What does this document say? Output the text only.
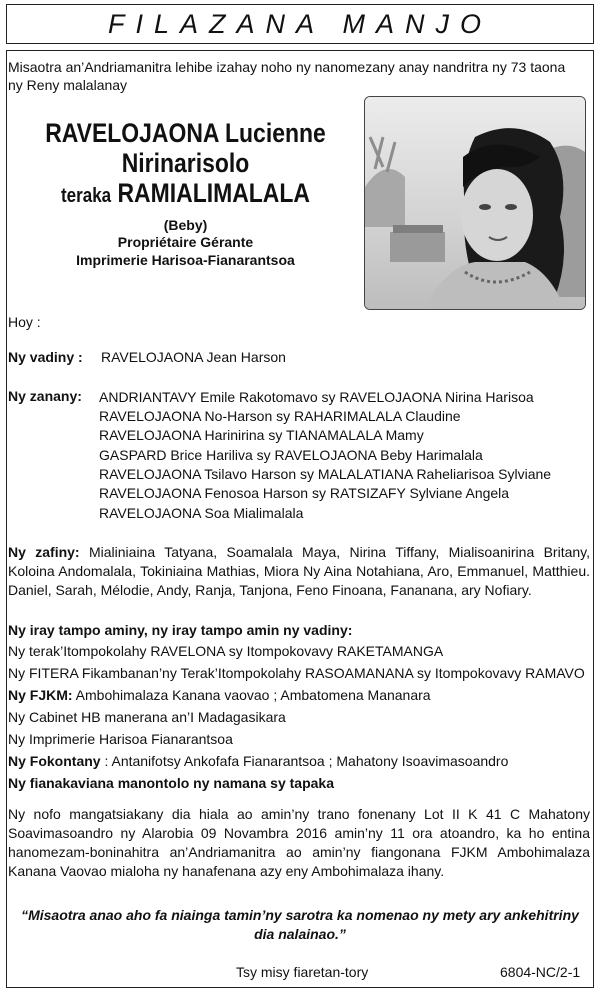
FILAZANA MANJO
Misaotra an’Andriamanitra lehibe izahay noho ny nanomezany anay nandritra ny 73 taona ny Reny malalanay
RAVELOJAONA Lucienne
Nirinarisolo
teraka RAMIALIMALALA
(Beby)
Propriétaire Gérante
Imprimerie Harisoa-Fianarantsoa
Hoy :
Ny vadiny : RAVELOJAONA Jean Harson
Ny zanany: ANDRIANTAVY Emile Rakotomavo sy RAVELOJAONA Nirina Harisoa
RAVELOJAONA No-Harson sy RAHARIMALALA Claudine
RAVELOJAONA Harinirina sy TIANAMALALA Mamy
GASPARD Brice Hariliva sy RAVELOJAONA Beby Harimalala
RAVELOJAONA Tsilavo Harson sy MALALATIANA Raheliarisoa Sylviane
RAVELOJAONA Fenosoa Harson sy RATSIZAFY Sylviane Angela
RAVELOJAONA Soa Mialimalala
Ny zafiny: Mialiniaina Tatyana, Soamalala Maya, Nirina Tiffany, Mialisoanirina Britany, Koloina Andomalala, Tokiniaina Mathias, Miora Ny Aina Notahiana, Aro, Emmanuel, Matthieu. Daniel, Sarah, Mélodie, Andy, Ranja, Tanjona, Feno Finoana, Fananana, ary Nofiary.
Ny iray tampo aminy, ny iray tampo amin ny vadiny:
Ny terak’Itompokolahy RAVELONA sy Itompokovavy RAKETAMANGA
Ny FITERA Fikambanan’ny Terak’Itompokolahy RASOAMANANA sy Itompokovavy RAMAVO
Ny FJKM: Ambohimalaza Kanana vaovao ; Ambatomena Mananara
Ny Cabinet HB manerana an’I Madagasikara
Ny Imprimerie Harisoa Fianarantsoa
Ny Fokontany : Antanifotsy Ankofafa Fianarantsoa ; Mahatony Isoavimasoandro
Ny fianakaviana manontolo ny namana sy tapaka
Ny nofo mangatsiakany dia hiala ao amin’ny trano fonenany Lot II K 41 C Mahatony Soavimasoandro ny Alarobia 09 Novambra 2016 amin’ny 11 ora atoandro, ka ho entina hanomezam-boninahitra an’Andriamanitra ao amin’ny fiangonana FJKM Ambohimalaza Kanana Vaovao mialoha ny hanafenana azy eny Ambohimalaza ihany.
“Misaotra anao aho fa niainga tamin’ny sarotra ka nomenao ny mety ary ankehitriny dia nalainao.”
Tsy misy fiaretan-tory	6804-NC/2-1
